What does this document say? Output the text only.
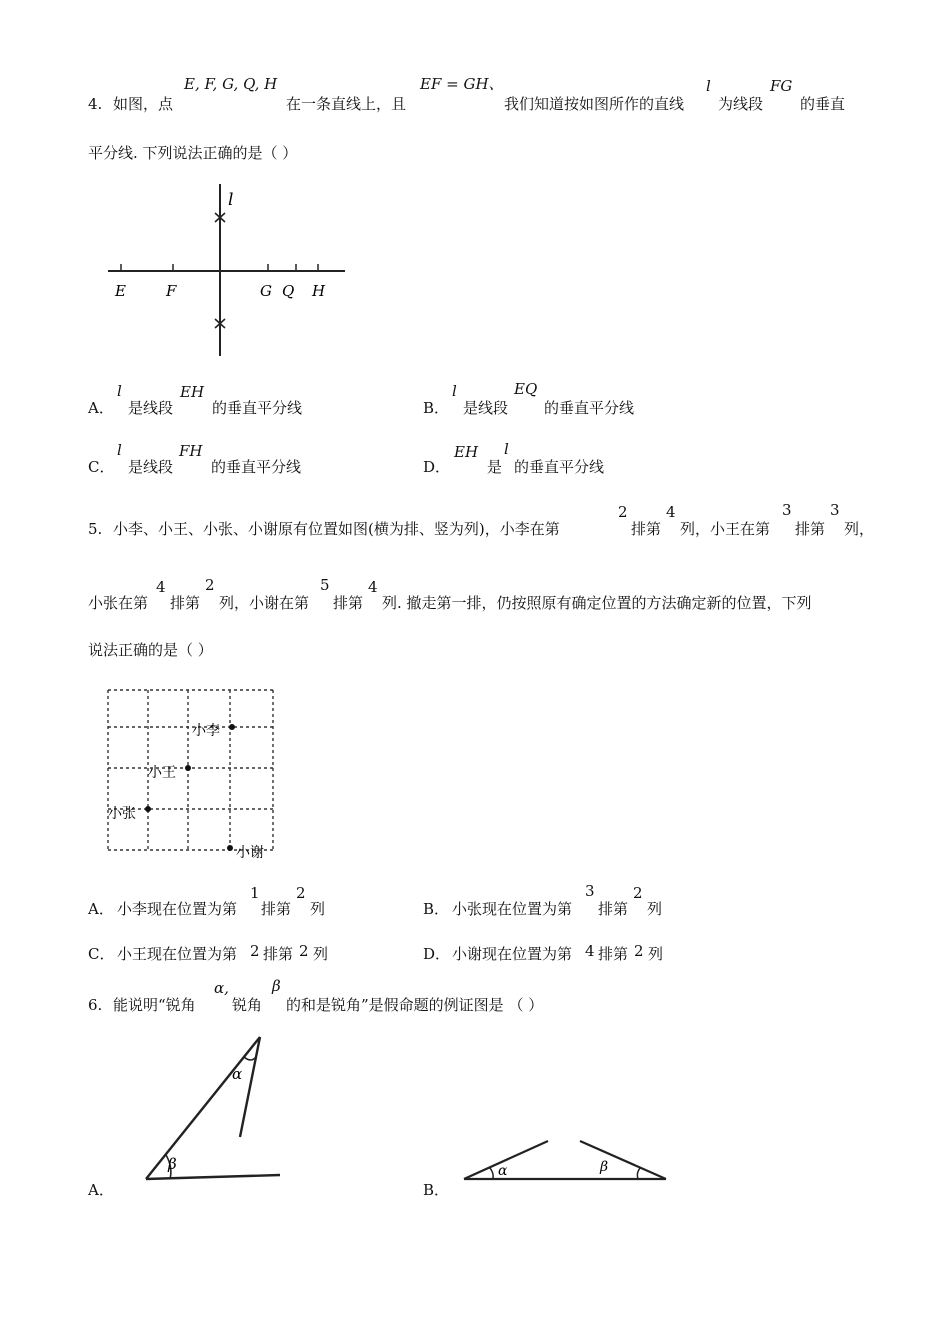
4. 如图，点
E, F, G, Q, H
在一条直线上，且
EF = GH、
我们知道按如图所作的直线
l
为线段
FG
的垂直
平分线. 下列说法正确的是（ ）
l
E	F	G Q H
A．
l
是线段
EH
的垂直平分线	B．
l
是线段
EQ
的垂直平分线
C．
l
是线段
FH
的垂直平分线	D．
EH
是
l
的垂直平分线
5. 小李、小王、小张、小谢原有位置如图(横为排、竖为列)，小李在第
2
排第
4
列，小王在第
3
排第
3
列，
小张在第
4
排第
2
列，小谢在第
5
排第
4
列. 撤走第一排，仍按照原有确定位置的方法确定新的位置，下列
说法正确的是（ ）
小李
小王
小张
小谢
A． 小李现在位置为第
1
排第
2
列	B． 小张现在位置为第
3
排第
2
列
C． 小王现在位置为第 2 排第 2 列	D． 小谢现在位置为第 4 排第 2 列
6. 能说明“锐角
α,
锐角
β
的和是锐角”是假命题的例证图是 （ ）
A．
α
β
B．
α	β
